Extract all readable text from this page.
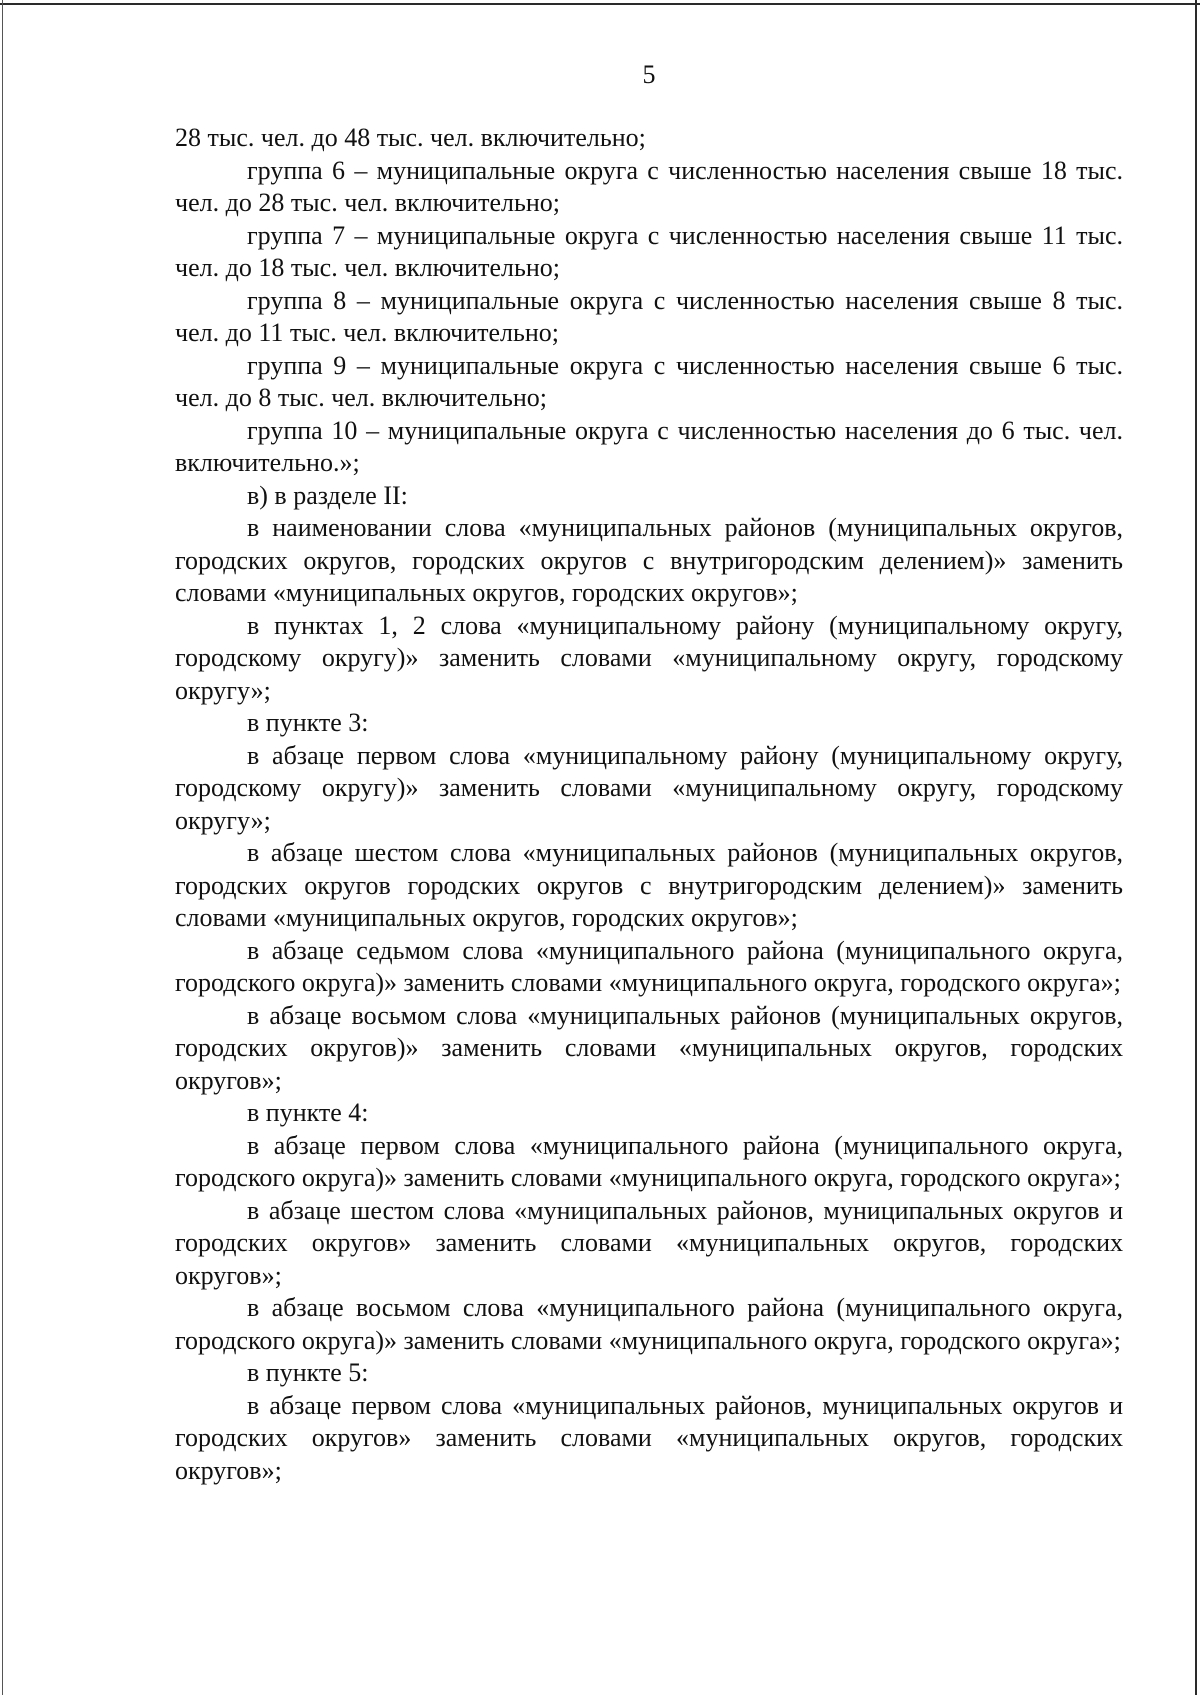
5

28 тыс. чел. до 48 тыс. чел. включительно;

группа 6 – муниципальные округа с численностью населения свыше 18 тыс. чел. до 28 тыс. чел. включительно;

группа 7 – муниципальные округа с численностью населения свыше 11 тыс. чел. до 18 тыс. чел. включительно;

группа 8 – муниципальные округа с численностью населения свыше 8 тыс. чел. до 11 тыс. чел. включительно;

группа 9 – муниципальные округа с численностью населения свыше 6 тыс. чел. до 8 тыс. чел. включительно;

группа 10 – муниципальные округа с численностью населения до 6 тыс. чел. включительно.»;

в) в разделе II:

в наименовании слова «муниципальных районов (муниципальных округов, городских округов, городских округов с внутригородским делением)» заменить словами «муниципальных округов, городских округов»;

в пунктах 1, 2 слова «муниципальному району (муниципальному округу, городскому округу)» заменить словами «муниципальному округу, городскому округу»;

в пункте 3:

в абзаце первом слова «муниципальному району (муниципальному округу, городскому округу)» заменить словами «муниципальному округу, городскому округу»;

в абзаце шестом слова «муниципальных районов (муниципальных округов, городских округов городских округов с внутригородским делением)» заменить словами «муниципальных округов, городских округов»;

в абзаце седьмом слова «муниципального района (муниципального округа, городского округа)» заменить словами «муниципального округа, городского округа»;

в абзаце восьмом слова «муниципальных районов (муниципальных округов, городских округов)» заменить словами «муниципальных округов, городских округов»;

в пункте 4:

в абзаце первом слова «муниципального района (муниципального округа, городского округа)» заменить словами «муниципального округа, городского округа»;

в абзаце шестом слова «муниципальных районов, муниципальных округов и городских округов» заменить словами «муниципальных округов, городских округов»;

в абзаце восьмом слова «муниципального района (муниципального округа, городского округа)» заменить словами «муниципального округа, городского округа»;

в пункте 5:

в абзаце первом слова «муниципальных районов, муниципальных округов и городских округов» заменить словами «муниципальных округов, городских округов»;
